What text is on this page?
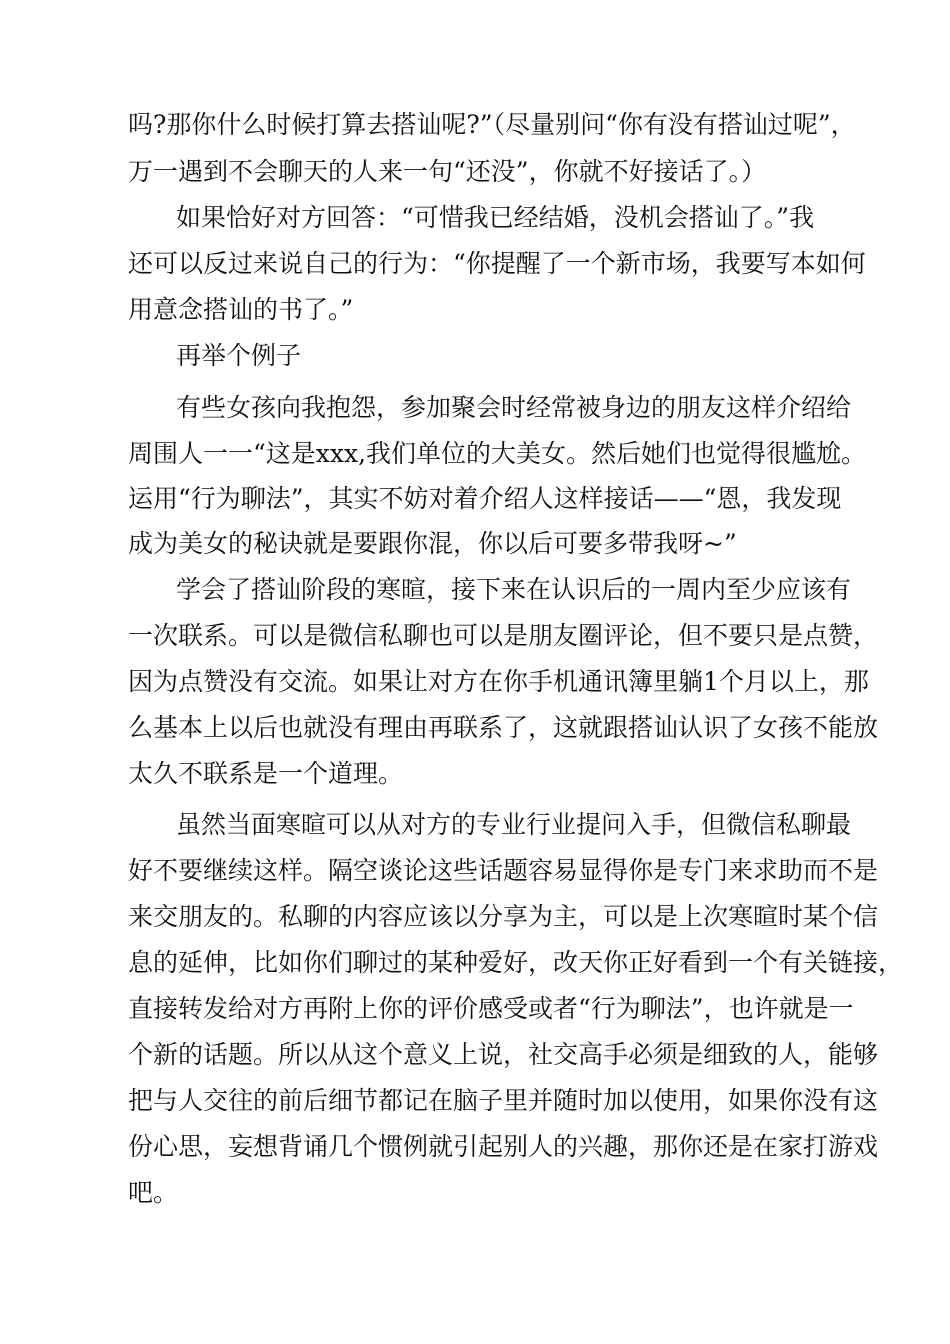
吗?那你什么时候打算去搭讪呢?”（尽量别问“你有没有搭讪过呢”，
万一遇到不会聊天的人来一句“还没”，你就不好接话了。）
如果恰好对方回答：“可惜我已经结婚，没机会搭讪了。”我
还可以反过来说自己的行为：“你提醒了一个新市场，我要写本如何
用意念搭讪的书了。”
再举个例子
有些女孩向我抱怨，参加聚会时经常被身边的朋友这样介绍给
周围人一一“这是xxx,我们单位的大美女。然后她们也觉得很尴尬。
运用“行为聊法”，其实不妨对着介绍人这样接话——“恩，我发现
成为美女的秘诀就是要跟你混，你以后可要多带我呀~”
学会了搭讪阶段的寒暄，接下来在认识后的一周内至少应该有
一次联系。可以是微信私聊也可以是朋友圈评论，但不要只是点赞，
因为点赞没有交流。如果让对方在你手机通讯簿里躺1个月以上，那
么基本上以后也就没有理由再联系了，这就跟搭讪认识了女孩不能放
太久不联系是一个道理。
虽然当面寒暄可以从对方的专业行业提问入手，但微信私聊最
好不要继续这样。隔空谈论这些话题容易显得你是专门来求助而不是
来交朋友的。私聊的内容应该以分享为主，可以是上次寒暄时某个信
息的延伸，比如你们聊过的某种爱好，改天你正好看到一个有关链接，
直接转发给对方再附上你的评价感受或者“行为聊法”，也许就是一
个新的话题。所以从这个意义上说，社交高手必须是细致的人，能够
把与人交往的前后细节都记在脑子里并随时加以使用，如果你没有这
份心思，妄想背诵几个惯例就引起别人的兴趣，那你还是在家打游戏
吧。
